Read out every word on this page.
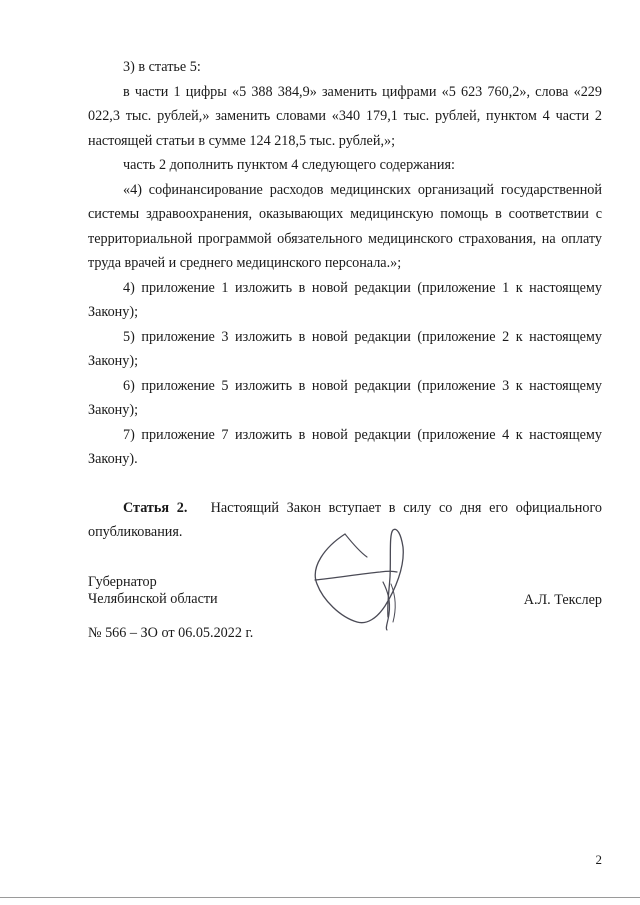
3) в статье 5:

в части 1 цифры «5 388 384,9» заменить цифрами «5 623 760,2», слова «229 022,3 тыс. рублей,» заменить словами «340 179,1 тыс. рублей, пунктом 4 части 2 настоящей статьи в сумме 124 218,5 тыс. рублей,»;

часть 2 дополнить пунктом 4 следующего содержания:

«4) софинансирование расходов медицинских организаций государственной системы здравоохранения, оказывающих медицинскую помощь в соответствии с территориальной программой обязательного медицинского страхования, на оплату труда врачей и среднего медицинского персонала.»;

4) приложение 1 изложить в новой редакции (приложение 1 к настоящему Закону);

5) приложение 3 изложить в новой редакции (приложение 2 к настоящему Закону);

6) приложение 5 изложить в новой редакции (приложение 3 к настоящему Закону);

7) приложение 7 изложить в новой редакции (приложение 4 к настоящему Закону).

Статья 2. Настоящий Закон вступает в силу со дня его официального опубликования.

Губернатор
Челябинской области	А.Л. Текслер
№ 566 – ЗО от 06.05.2022 г.
2
